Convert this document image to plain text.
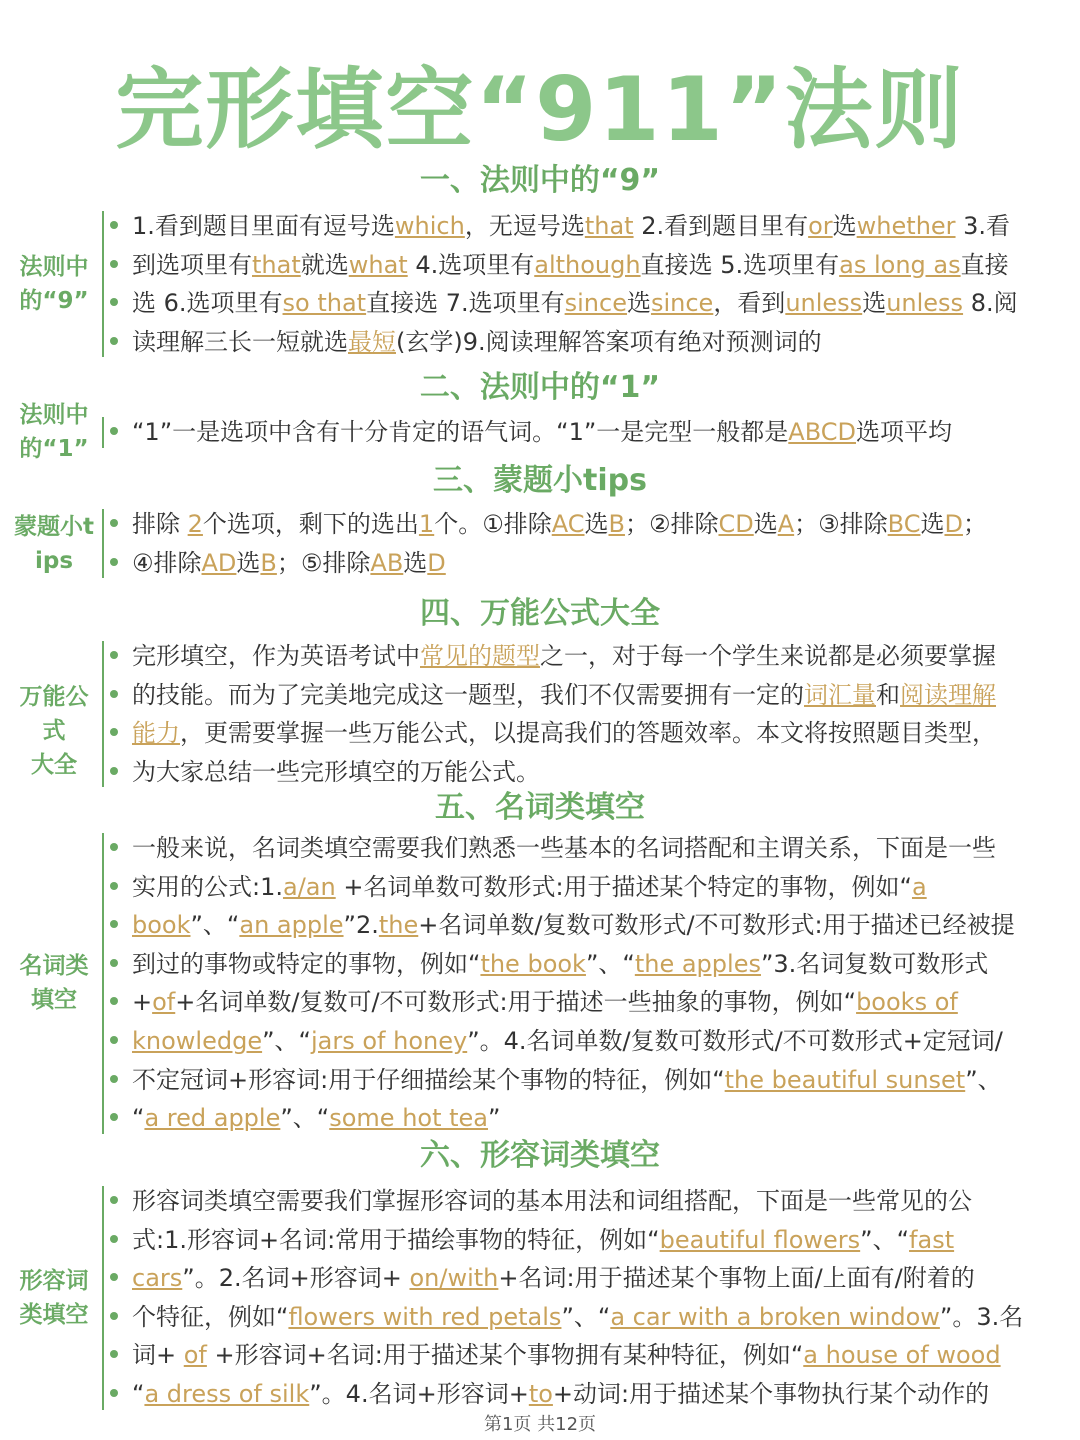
完形填空“911”法则
一、法则中的“9”
法则中
的“9”
1.看到题目里面有逗号选which，无逗号选that 2.看到题目里有or选whether 3.看
到选项里有that就选what 4.选项里有although直接选 5.选项里有as long as直接
选 6.选项里有so that直接选 7.选项里有since选since，看到unless选unless 8.阅
读理解三长一短就选最短(玄学)9.阅读理解答案项有绝对预测词的
二、法则中的“1”
法则中
的“1”
“1”一是选项中含有十分肯定的语气词。“1”一是完型一般都是ABCD选项平均
三、蒙题小tips
蒙题小t
ips
排除 2个选项，剩下的选出1个。①排除AC选B；②排除CD选A；③排除BC选D；
④排除AD选B；⑤排除AB选D
四、万能公式大全
万能公式
大全
完形填空，作为英语考试中常见的题型之一，对于每一个学生来说都是必须要掌握
的技能。而为了完美地完成这一题型，我们不仅需要拥有一定的词汇量和阅读理解
能力，更需要掌握一些万能公式，以提高我们的答题效率。本文将按照题目类型，
为大家总结一些完形填空的万能公式。
五、名词类填空
名词类
填空
一般来说，名词类填空需要我们熟悉一些基本的名词搭配和主谓关系，下面是一些
实用的公式:1.a/an +名词单数可数形式:用于描述某个特定的事物，例如“a
book”、“an apple”2.the+名词单数/复数可数形式/不可数形式:用于描述已经被提
到过的事物或特定的事物，例如“the book”、“the apples”3.名词复数可数形式
+of+名词单数/复数可/不可数形式:用于描述一些抽象的事物，例如“books of
knowledge”、“jars of honey”。4.名词单数/复数可数形式/不可数形式+定冠词/
不定冠词+形容词:用于仔细描绘某个事物的特征，例如“the beautiful sunset”、
“a red apple”、“some hot tea”
六、形容词类填空
形容词
类填空
形容词类填空需要我们掌握形容词的基本用法和词组搭配，下面是一些常见的公
式:1.形容词+名词:常用于描绘事物的特征，例如“beautiful flowers”、“fast
cars”。2.名词+形容词+ on/with+名词:用于描述某个事物上面/上面有/附着的
个特征，例如“flowers with red petals”、“a car with a broken window”。3.名
词+ of +形容词+名词:用于描述某个事物拥有某种特征，例如“a house of wood
“a dress of silk”。4.名词+形容词+to+动词:用于描述某个事物执行某个动作的
第1页 共12页
